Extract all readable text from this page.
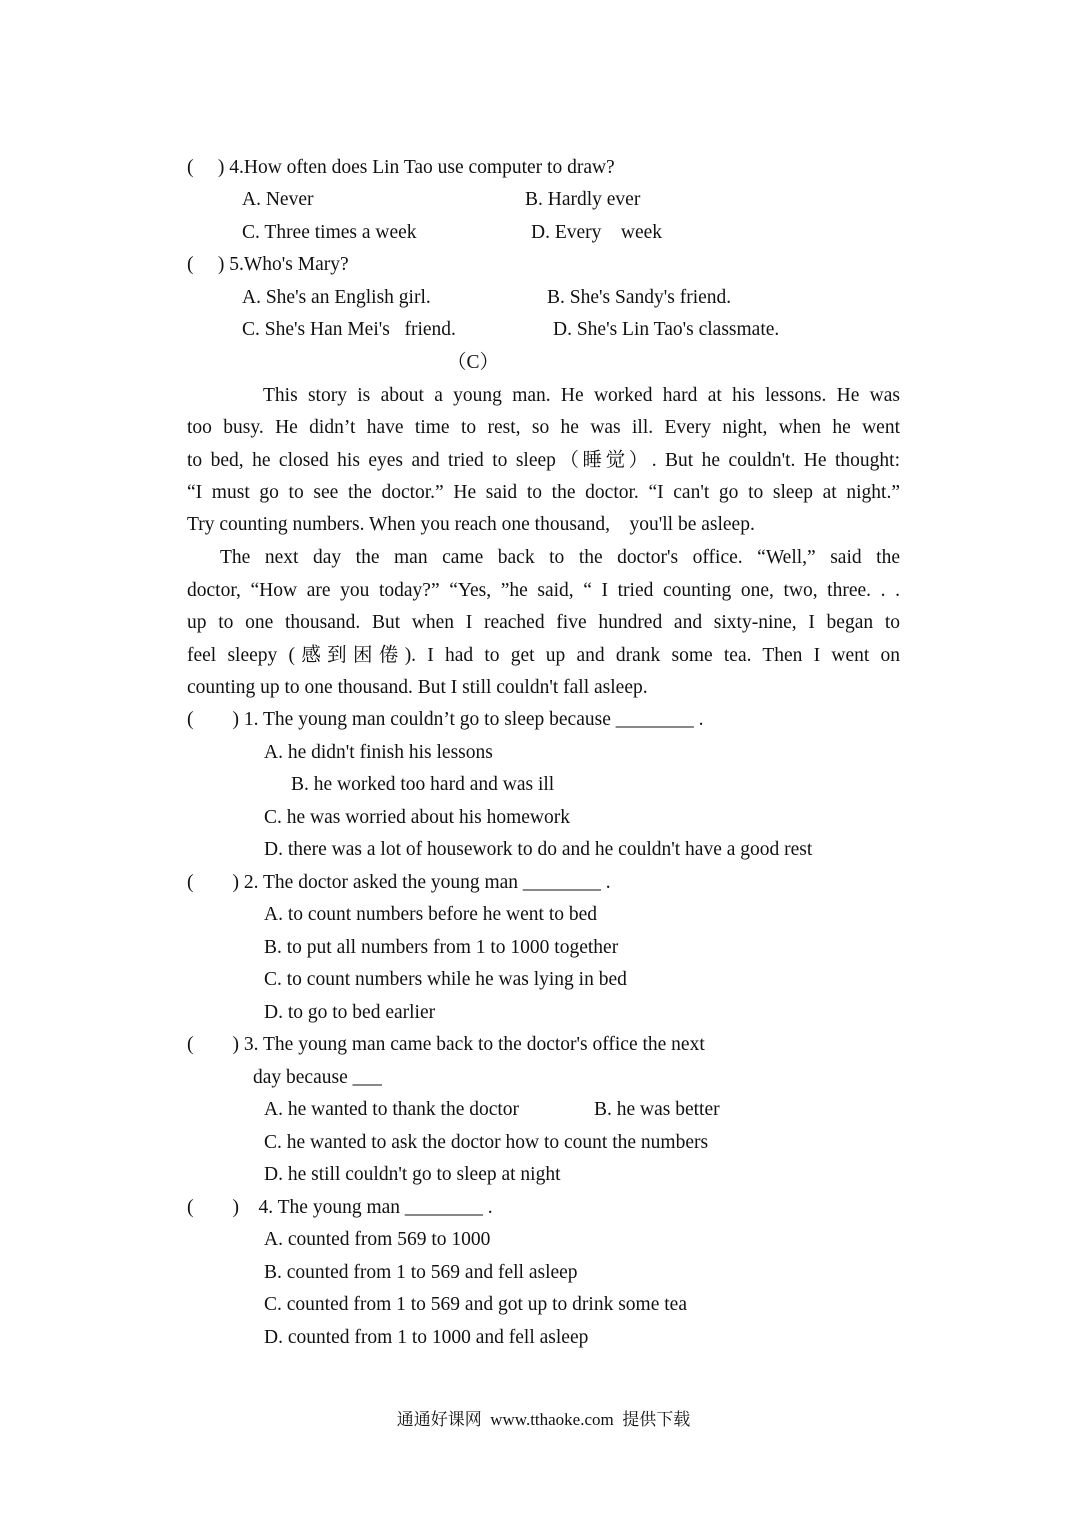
(     ) 4.How often does Lin Tao use computer to draw?
A. Never	B. Hardly ever
C. Three times a week	D. Every    week
(     ) 5.Who's Mary?
A. She's an English girl.	B. She's Sandy's friend.
C. She's Han Mei's   friend.	D. She's Lin Tao's classmate.
（C）
This story is about a young man. He worked hard at his lessons. He was
too busy. He didn’t have time to rest, so he was ill. Every night, when he went
to bed, he closed his eyes and tried to sleep（睡觉）. But he couldn't. He thought:
“I must go to see the doctor.” He said to the doctor. “I can't go to sleep at night.”
Try counting numbers. When you reach one thousand,    you'll be asleep.
The next day the man came back to the doctor's office. “Well,” said the
doctor, “How are you today?” “Yes, ”he said, “ I tried counting one, two, three. . .
up to one thousand. But when I reached five hundred and sixty-nine, I began to
feel sleepy (感到困倦). I had to get up and drank some tea. Then I went on
counting up to one thousand. But I still couldn't fall asleep.
(        ) 1. The young man couldn’t go to sleep because ________ .
A. he didn't finish his lessons
B. he worked too hard and was ill
C. he was worried about his homework
D. there was a lot of housework to do and he couldn't have a good rest
(        ) 2. The doctor asked the young man ________ .
A. to count numbers before he went to bed
B. to put all numbers from 1 to 1000 together
C. to count numbers while he was lying in bed
D. to go to bed earlier
(        ) 3. The young man came back to the doctor's office the next
day because ___
A. he wanted to thank the doctor	B. he was better
C. he wanted to ask the doctor how to count the numbers
D. he still couldn't go to sleep at night
(        )    4. The young man ________ .
A. counted from 569 to 1000
B. counted from 1 to 569 and fell asleep
C. counted from 1 to 569 and got up to drink some tea
D. counted from 1 to 1000 and fell asleep
通通好课网  www.tthaoke.com  提供下载
